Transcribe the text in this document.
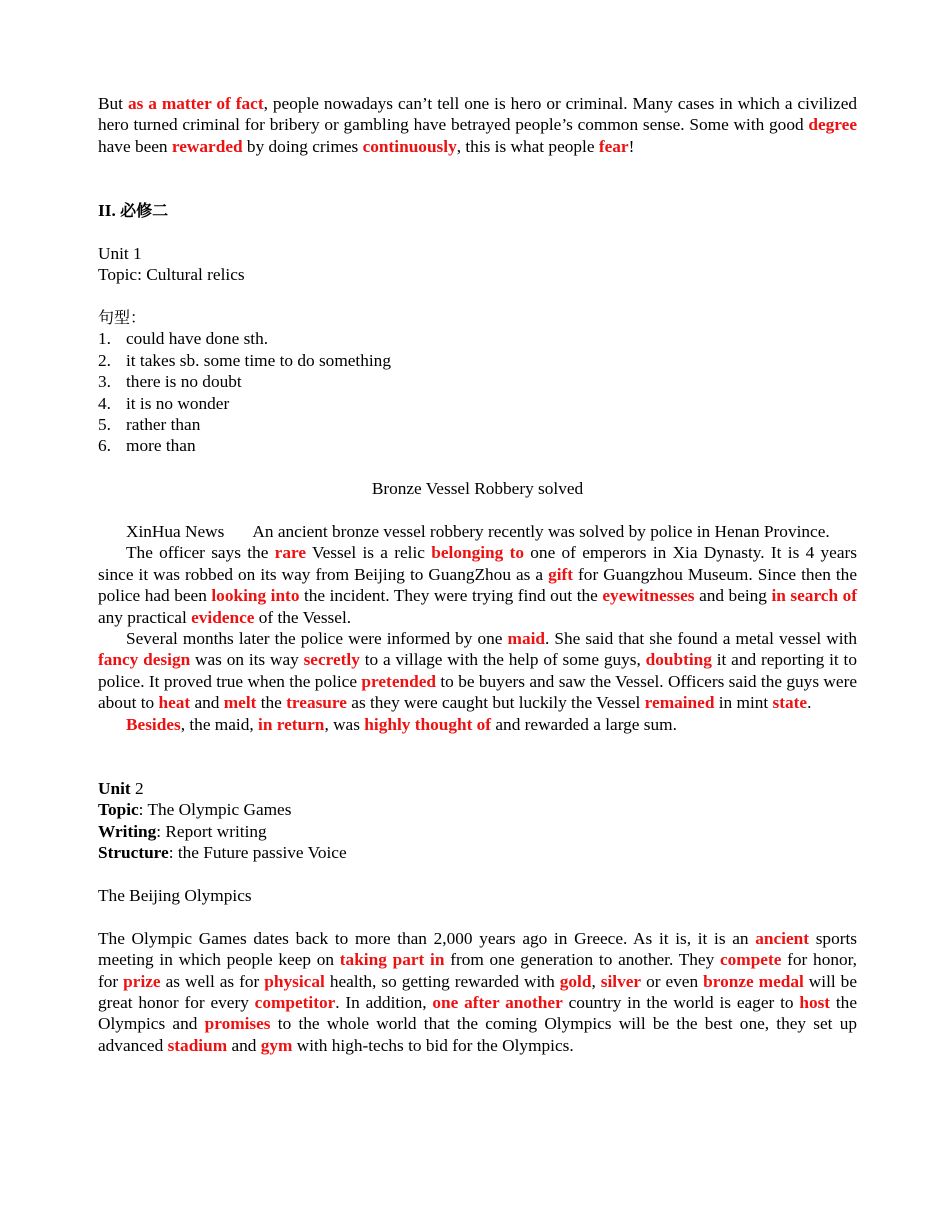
But as a matter of fact, people nowadays can’t tell one is hero or criminal. Many cases in which a civilized hero turned criminal for bribery or gambling have betrayed people’s common sense. Some with good degree have been rewarded by doing crimes continuously, this is what people fear!

II. 必修二

Unit 1

Topic: Cultural relics

句型：

1. could have done sth.
2. it takes sb. some time to do something
3. there is no doubt
4. it is no wonder
5. rather than
6. more than

Bronze Vessel Robbery solved

XinHua News An ancient bronze vessel robbery recently was solved by police in Henan Province.

The officer says the rare Vessel is a relic belonging to one of emperors in Xia Dynasty. It is 4 years since it was robbed on its way from Beijing to GuangZhou as a gift for Guangzhou Museum. Since then the police had been looking into the incident. They were trying find out the eyewitnesses and being in search of any practical evidence of the Vessel.

Several months later the police were informed by one maid. She said that she found a metal vessel with fancy design was on its way secretly to a village with the help of some guys, doubting it and reporting it to police. It proved true when the police pretended to be buyers and saw the Vessel. Officers said the guys were about to heat and melt the treasure as they were caught but luckily the Vessel remained in mint state.

Besides, the maid, in return, was highly thought of and rewarded a large sum.

Unit 2

Topic: The Olympic Games

Writing: Report writing

Structure: the Future passive Voice

The Beijing Olympics

The Olympic Games dates back to more than 2,000 years ago in Greece. As it is, it is an ancient sports meeting in which people keep on taking part in from one generation to another. They compete for honor, for prize as well as for physical health, so getting rewarded with gold, silver or even bronze medal will be great honor for every competitor. In addition, one after another country in the world is eager to host the Olympics and promises to the whole world that the coming Olympics will be the best one, they set up advanced stadium and gym with high-techs to bid for the Olympics.
